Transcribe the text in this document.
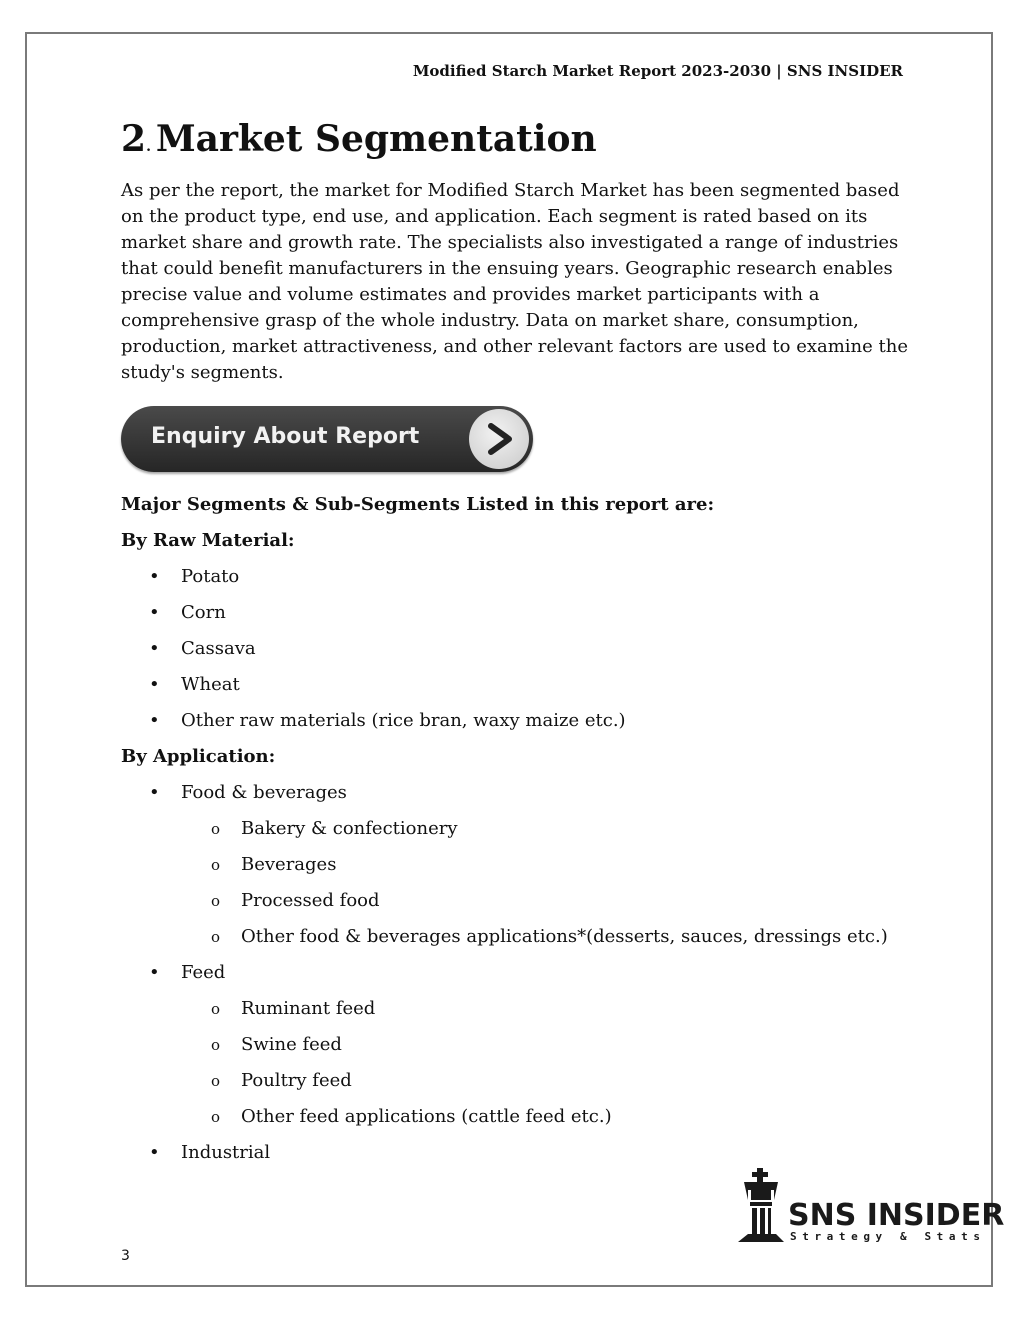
Modified Starch Market Report 2023-2030 | SNS INSIDER
2. Market Segmentation

As per the report, the market for Modified Starch Market has been segmented based on the product type, end use, and application. Each segment is rated based on its market share and growth rate. The specialists also investigated a range of industries that could benefit manufacturers in the ensuing years. Geographic research enables precise value and volume estimates and provides market participants with a comprehensive grasp of the whole industry. Data on market share, consumption, production, market attractiveness, and other relevant factors are used to examine the study's segments.

Enquiry About Report

Major Segments & Sub-Segments Listed in this report are:

By Raw Material:

• Potato
• Corn
• Cassava
• Wheat
• Other raw materials (rice bran, waxy maize etc.)

By Application:

• Food & beverages
o Bakery & confectionery
o Beverages
o Processed food
o Other food & beverages applications*(desserts, sauces, dressings etc.)
• Feed
o Ruminant feed
o Swine feed
o Poultry feed
o Other feed applications (cattle feed etc.)
• Industrial
SNS INSIDER
Strategy & Stats
3
